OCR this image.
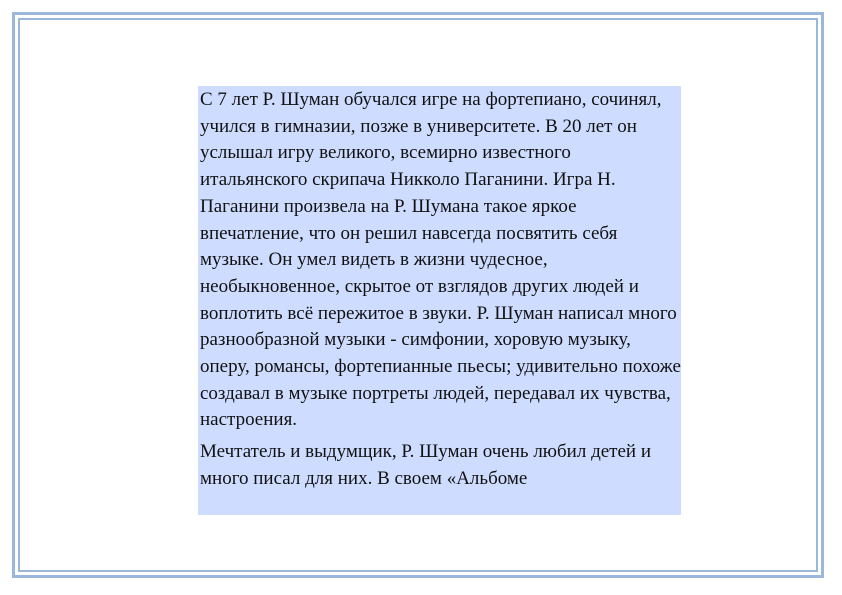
С 7 лет Р. Шуман обучался игре на фортепиано, сочинял, учился в гимназии, позже в университете. В 20 лет он услышал игру великого, всемирно известного итальянского скрипача Никколо Паганини. Игра Н. Паганини произвела на Р. Шумана такое яркое впечатление, что он решил навсегда посвятить себя музыке. Он умел видеть в жизни чудесное, необыкновенное, скрытое от взглядов других людей и воплотить всё пережитое в звуки. Р. Шуман написал много разнообразной музыки - симфонии, хоровую музыку, оперу, романсы, фортепианные пьесы; удивительно похоже создавал в музыке портреты людей, передавал их чувства, настроения.

Мечтатель и выдумщик, Р. Шуман очень любил детей и много писал для них. В своем «Альбоме
